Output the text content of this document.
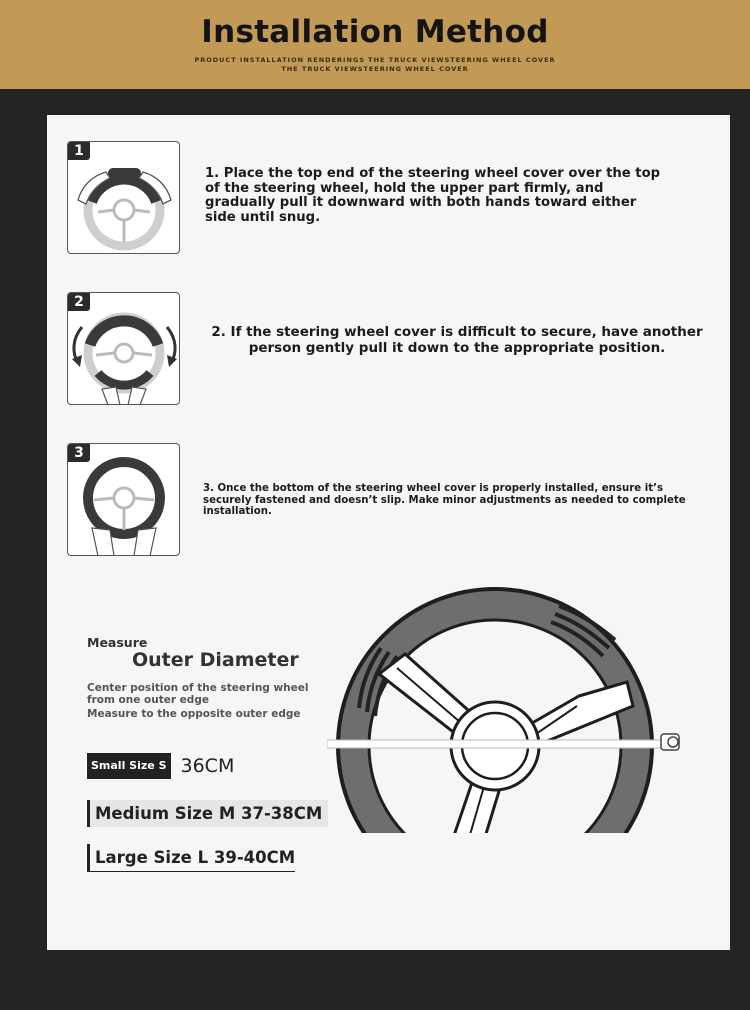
Installation Method
PRODUCT INSTALLATION RENDERINGS THE TRUCK VIEWSTEERING WHEEL COVER
THE TRUCK VIEWSTEERING WHEEL COVER
1
1. Place the top end of the steering wheel cover over the top of the steering wheel, hold the upper part firmly, and gradually pull it downward with both hands toward either side until snug.
2
2. If the steering wheel cover is difficult to secure, have another person gently pull it down to the appropriate position.
3
3. Once the bottom of the steering wheel cover is properly installed, ensure it’s securely fastened and doesn’t slip. Make minor adjustments as needed to complete installation.
Measure
Outer Diameter
Center position of the steering wheel from one outer edge
Measure to the opposite outer edge
Small Size S 36CM
Medium Size M 37-38CM
Large Size L 39-40CM
